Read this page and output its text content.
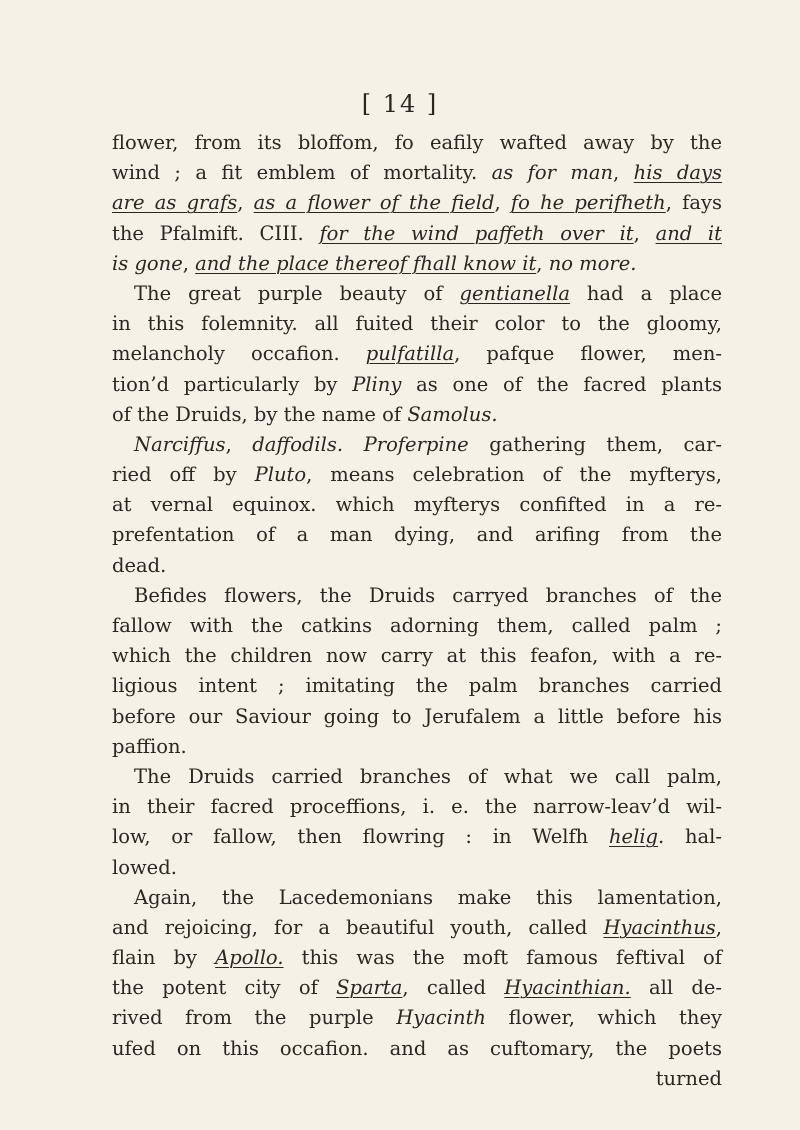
[ 14 ]
flower, from its bloffom, fo eafily wafted away by the
wind ; a fit emblem of mortality. as for man, his days
are as grafs, as a flower of the field, fo he perifheth, fays
the Pfalmift. CIII. for the wind paffeth over it, and it
is gone, and the place thereof fhall know it, no more.
The great purple beauty of gentianella had a place
in this folemnity. all fuited their color to the gloomy,
melancholy occafion. pulfatilla, pafque flower, men-
tion’d particularly by Pliny as one of the facred plants
of the Druids, by the name of Samolus.
Narciffus, daffodils. Proferpine gathering them, car-
ried off by Pluto, means celebration of the myfterys,
at vernal equinox. which myfterys confifted in a re-
prefentation of a man dying, and arifing from the
dead.
Befides flowers, the Druids carryed branches of the
fallow with the catkins adorning them, called palm ;
which the children now carry at this feafon, with a re-
ligious intent ; imitating the palm branches carried
before our Saviour going to Jerufalem a little before his
paffion.
The Druids carried branches of what we call palm,
in their facred proceffions, i. e. the narrow-leav’d wil-
low, or fallow, then flowring : in Welfh helig. hal-
lowed.
Again, the Lacedemonians make this lamentation,
and rejoicing, for a beautiful youth, called Hyacinthus,
flain by Apollo. this was the moft famous feftival of
the potent city of Sparta, called Hyacinthian. all de-
rived from the purple Hyacinth flower, which they
ufed on this occafion. and as cuftomary, the poets
turned
